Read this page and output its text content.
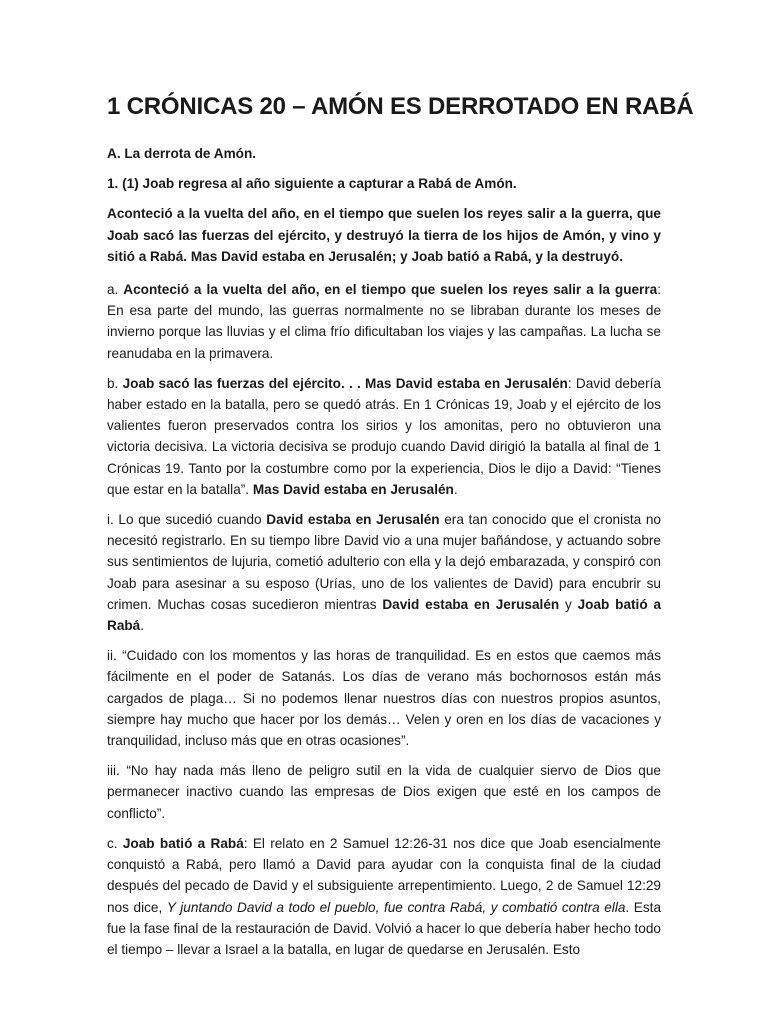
1 CRÓNICAS 20 – AMÓN ES DERROTADO EN RABÁ

A. La derrota de Amón.

1. (1) Joab regresa al año siguiente a capturar a Rabá de Amón.

Aconteció a la vuelta del año, en el tiempo que suelen los reyes salir a la guerra, que Joab sacó las fuerzas del ejército, y destruyó la tierra de los hijos de Amón, y vino y sitió a Rabá. Mas David estaba en Jerusalén; y Joab batió a Rabá, y la destruyó.

a. Aconteció a la vuelta del año, en el tiempo que suelen los reyes salir a la guerra: En esa parte del mundo, las guerras normalmente no se libraban durante los meses de invierno porque las lluvias y el clima frío dificultaban los viajes y las campañas. La lucha se reanudaba en la primavera.

b. Joab sacó las fuerzas del ejército. . . Mas David estaba en Jerusalén: David debería haber estado en la batalla, pero se quedó atrás. En 1 Crónicas 19, Joab y el ejército de los valientes fueron preservados contra los sirios y los amonitas, pero no obtuvieron una victoria decisiva. La victoria decisiva se produjo cuando David dirigió la batalla al final de 1 Crónicas 19. Tanto por la costumbre como por la experiencia, Dios le dijo a David: “Tienes que estar en la batalla”. Mas David estaba en Jerusalén.

i. Lo que sucedió cuando David estaba en Jerusalén era tan conocido que el cronista no necesitó registrarlo. En su tiempo libre David vio a una mujer bañándose, y actuando sobre sus sentimientos de lujuria, cometió adulterio con ella y la dejó embarazada, y conspiró con Joab para asesinar a su esposo (Urías, uno de los valientes de David) para encubrir su crimen. Muchas cosas sucedieron mientras David estaba en Jerusalén y Joab batió a Rabá.

ii. “Cuidado con los momentos y las horas de tranquilidad. Es en estos que caemos más fácilmente en el poder de Satanás. Los días de verano más bochornosos están más cargados de plaga… Si no podemos llenar nuestros días con nuestros propios asuntos, siempre hay mucho que hacer por los demás… Velen y oren en los días de vacaciones y tranquilidad, incluso más que en otras ocasiones”.

iii. “No hay nada más lleno de peligro sutil en la vida de cualquier siervo de Dios que permanecer inactivo cuando las empresas de Dios exigen que esté en los campos de conflicto”.

c. Joab batió a Rabá: El relato en 2 Samuel 12:26-31 nos dice que Joab esencialmente conquistó a Rabá, pero llamó a David para ayudar con la conquista final de la ciudad después del pecado de David y el subsiguiente arrepentimiento. Luego, 2 de Samuel 12:29 nos dice, Y juntando David a todo el pueblo, fue contra Rabá, y combatió contra ella. Esta fue la fase final de la restauración de David. Volvió a hacer lo que debería haber hecho todo el tiempo – llevar a Israel a la batalla, en lugar de quedarse en Jerusalén. Esto
